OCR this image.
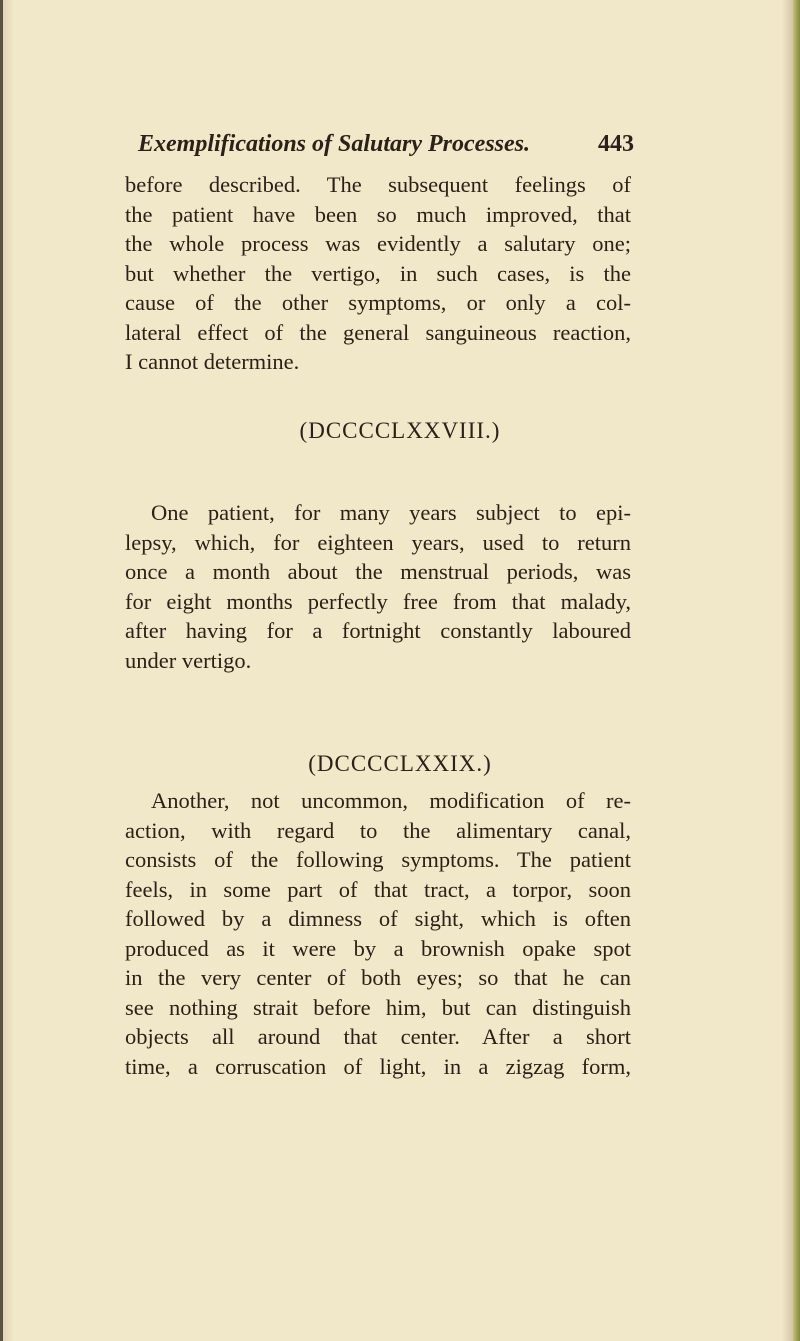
Exemplifications of Salutary Processes.	443
before described. The subsequent feelings of
the patient have been so much improved, that
the whole process was evidently a salutary one;
but whether the vertigo, in such cases, is the
cause of the other symptoms, or only a col-
lateral effect of the general sanguineous reaction,
I cannot determine.
(DCCCCLXXVIII.)
One patient, for many years subject to epi-
lepsy, which, for eighteen years, used to return
once a month about the menstrual periods, was
for eight months perfectly free from that malady,
after having for a fortnight constantly laboured
under vertigo.
(DCCCCLXXIX.)
Another, not uncommon, modification of re-
action, with regard to the alimentary canal,
consists of the following symptoms. The patient
feels, in some part of that tract, a torpor, soon
followed by a dimness of sight, which is often
produced as it were by a brownish opake spot
in the very center of both eyes; so that he can
see nothing strait before him, but can distinguish
objects all around that center. After a short
time, a corruscation of light, in a zigzag form,
